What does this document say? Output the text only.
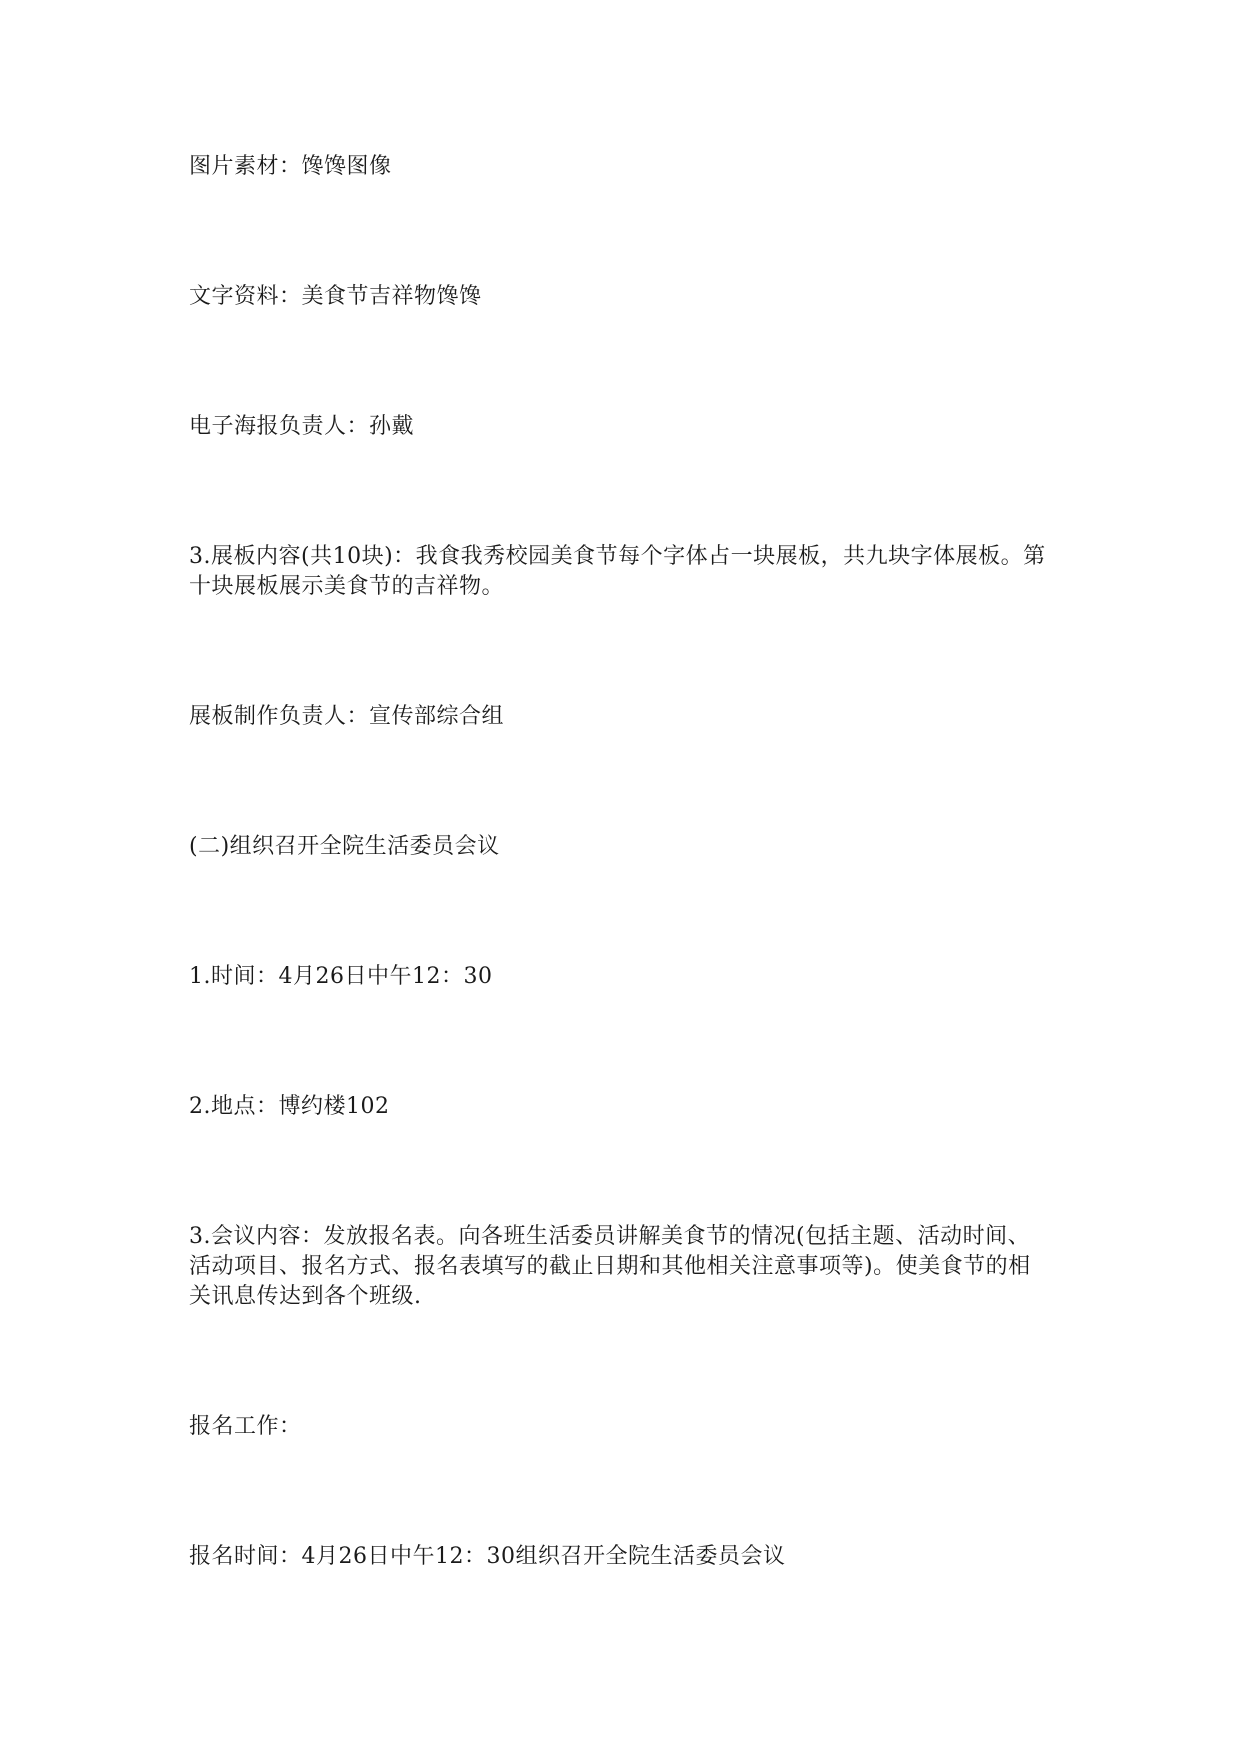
图片素材：馋馋图像

文字资料：美食节吉祥物馋馋

电子海报负责人：孙戴

3.展板内容(共10块)：我食我秀校园美食节每个字体占一块展板，共九块字体展板。第十块展板展示美食节的吉祥物。

展板制作负责人：宣传部综合组

(二)组织召开全院生活委员会议

1.时间：4月26日中午12：30

2.地点：博约楼102

3.会议内容：发放报名表。向各班生活委员讲解美食节的情况(包括主题、活动时间、活动项目、报名方式、报名表填写的截止日期和其他相关注意事项等)。使美食节的相关讯息传达到各个班级.

报名工作：

报名时间：4月26日中午12：30组织召开全院生活委员会议
